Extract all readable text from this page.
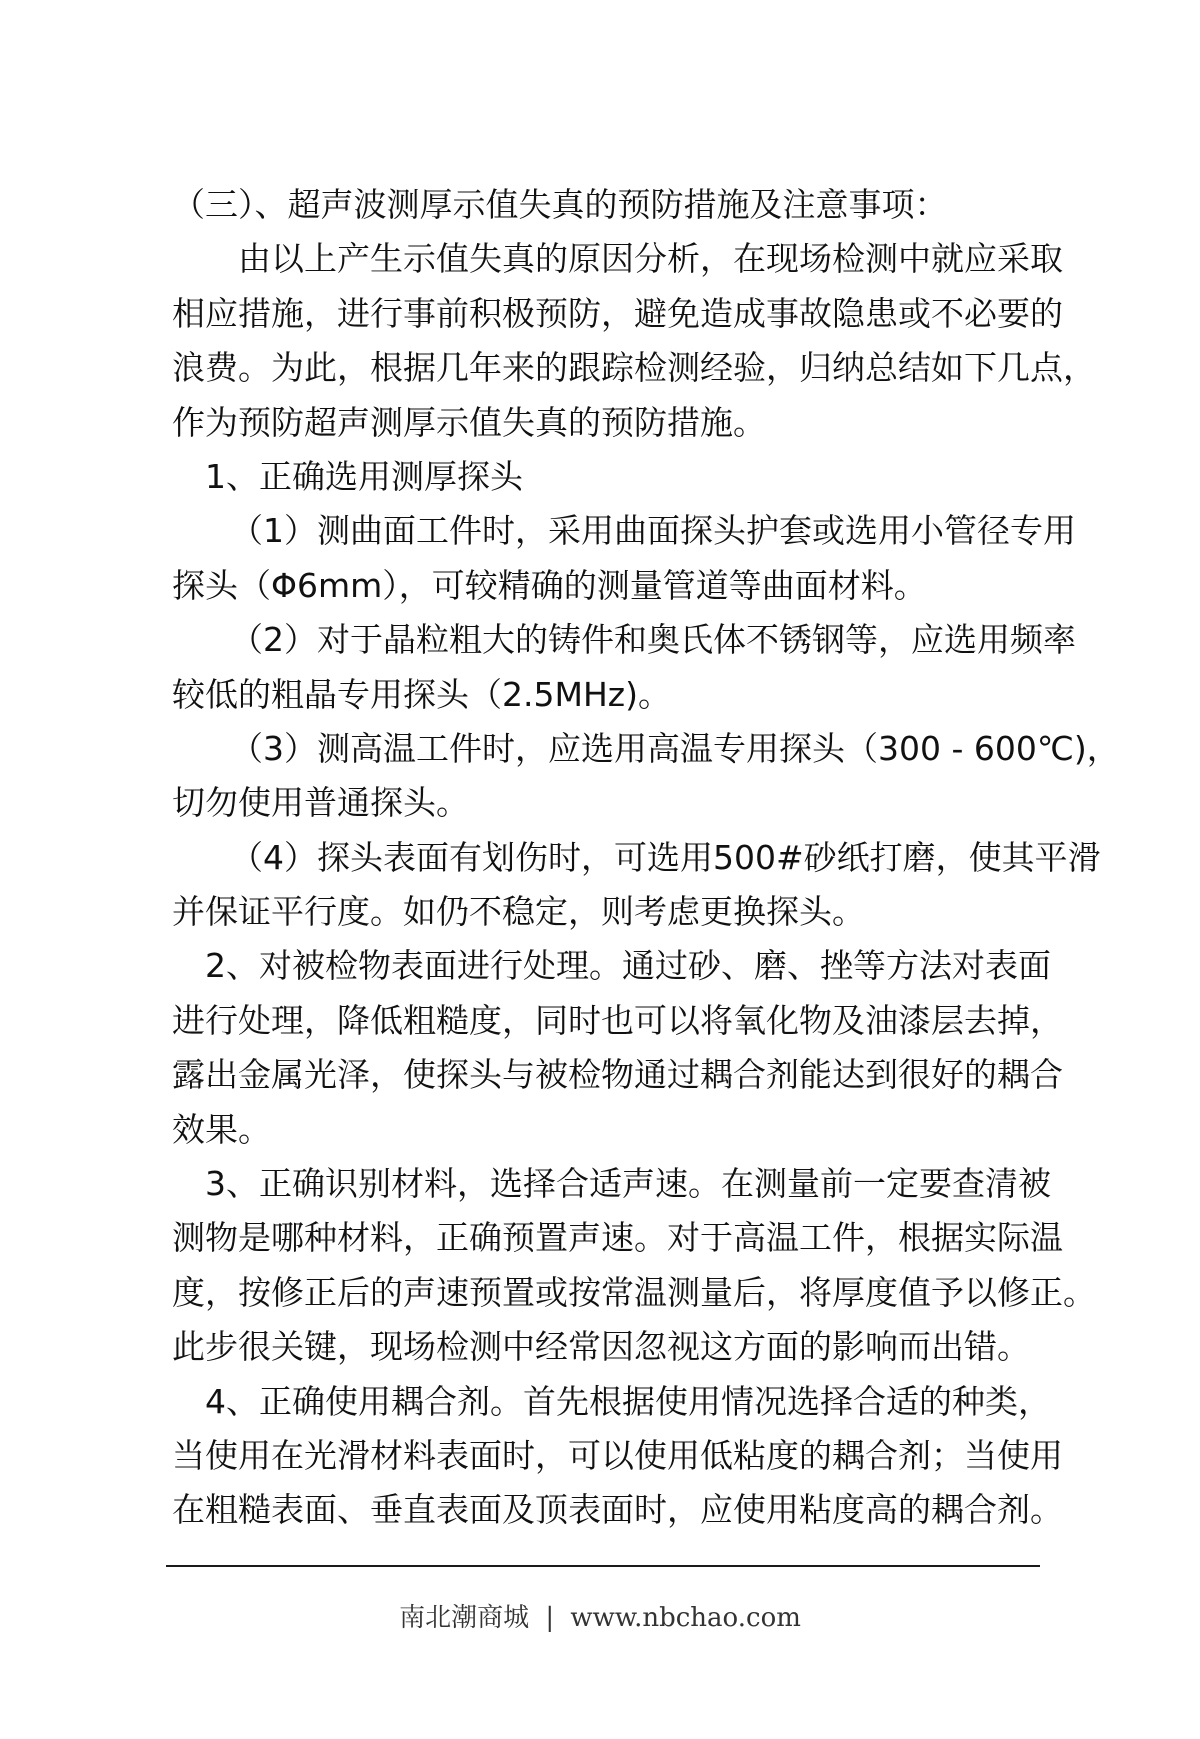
（三）、超声波测厚示值失真的预防措施及注意事项：

由以上产生示值失真的原因分析，在现场检测中就应采取

相应措施，进行事前积极预防，避免造成事故隐患或不必要的

浪费。为此，根据几年来的跟踪检测经验，归纳总结如下几点，

作为预防超声测厚示值失真的预防措施。

1、正确选用测厚探头

（1）测曲面工件时，采用曲面探头护套或选用小管径专用

探头（Φ6mm），可较精确的测量管道等曲面材料。

（2）对于晶粒粗大的铸件和奥氏体不锈钢等，应选用频率

较低的粗晶专用探头（2.5MHz)。

（3）测高温工件时，应选用高温专用探头（300 - 600℃)，

切勿使用普通探头。

（4）探头表面有划伤时，可选用500#砂纸打磨，使其平滑

并保证平行度。如仍不稳定，则考虑更换探头。

2、对被检物表面进行处理。通过砂、磨、挫等方法对表面

进行处理，降低粗糙度，同时也可以将氧化物及油漆层去掉，

露出金属光泽，使探头与被检物通过耦合剂能达到很好的耦合

效果。

3、正确识别材料，选择合适声速。在测量前一定要查清被

测物是哪种材料，正确预置声速。对于高温工件，根据实际温

度，按修正后的声速预置或按常温测量后，将厚度值予以修正。

此步很关键，现场检测中经常因忽视这方面的影响而出错。

4、正确使用耦合剂。首先根据使用情况选择合适的种类，

当使用在光滑材料表面时，可以使用低粘度的耦合剂；当使用

在粗糙表面、垂直表面及顶表面时，应使用粘度高的耦合剂。

南北潮商城 | www.nbchao.com
